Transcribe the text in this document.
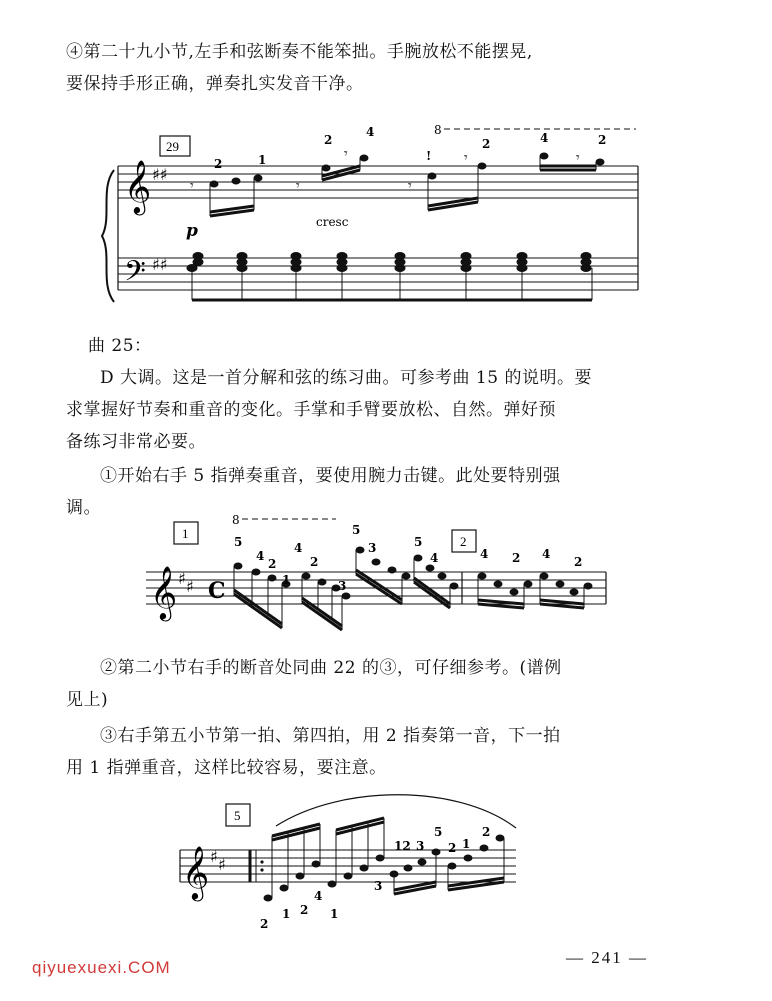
④第二十九小节,左手和弦断奏不能笨拙。手腕放松不能摆晃,
要保持手形正确，弹奏扎实发音干净。
29
𝄞
𝄢
♯♯
♯♯
8
𝄾	𝄾
𝄾
𝄾
𝄾	𝄾
2	1
2
4
!
2	4	2
p	cresc
曲 25：
D 大调。这是一首分解和弦的练习曲。可参考曲 15 的说明。要
求掌握好节奏和重音的变化。手掌和手臂要放松、自然。弹好预
备练习非常必要。
①开始右手 5 指弹奏重音，要使用腕力击键。此处要特别强
调。
1
2
8
𝄞 ♯ ♯ C
5
4
2
1
4
2
3
5
3	5
4	4 2 4
2
②第二小节右手的断音处同曲 22 的③，可仔细参考。(谱例
见上)
③右手第五小节第一拍、第四拍，用 2 指奏第一音，下一拍
用 1 指弹重音，这样比较容易，要注意。
5
𝄞 ♯ ♯
12 3
5
2 1
2
2
1 2
4
1
3
— 241 —
qiyuexuexi.COM
